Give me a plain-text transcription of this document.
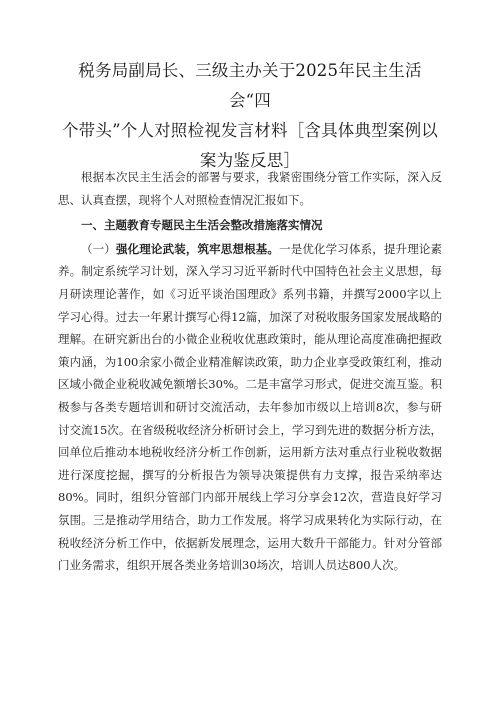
税务局副局长、三级主办关于2025年民主生活会“四
个带头”个人对照检视发言材料［含具体典型案例以
案为鉴反思］

根据本次民主生活会的部署与要求，我紧密围绕分管工作实际，深入反思、认真查摆，现将个人对照检查情况汇报如下。

一、主题教育专题民主生活会整改措施落实情况

（一）强化理论武装，筑牢思想根基。一是优化学习体系，提升理论素养。制定系统学习计划，深入学习习近平新时代中国特色社会主义思想，每月研读理论著作，如《习近平谈治国理政》系列书籍，并撰写2000字以上学习心得。过去一年累计撰写心得12篇，加深了对税收服务国家发展战略的理解。在研究新出台的小微企业税收优惠政策时，能从理论高度准确把握政策内涵，为100余家小微企业精准解读政策，助力企业享受政策红利，推动区域小微企业税收减免额增长30%。二是丰富学习形式，促进交流互鉴。积极参与各类专题培训和研讨交流活动，去年参加市级以上培训8次，参与研讨交流15次。在省级税收经济分析研讨会上，学习到先进的数据分析方法，回单位后推动本地税收经济分析工作创新，运用新方法对重点行业税收数据进行深度挖掘，撰写的分析报告为领导决策提供有力支撑，报告采纳率达80%。同时，组织分管部门内部开展线上学习分享会12次，营造良好学习氛围。三是推动学用结合，助力工作发展。将学习成果转化为实际行动，在税收经济分析工作中，依据新发展理念，运用大数升干部能力。针对分管部门业务需求，组织开展各类业务培训30场次，培训人员达800人次。
